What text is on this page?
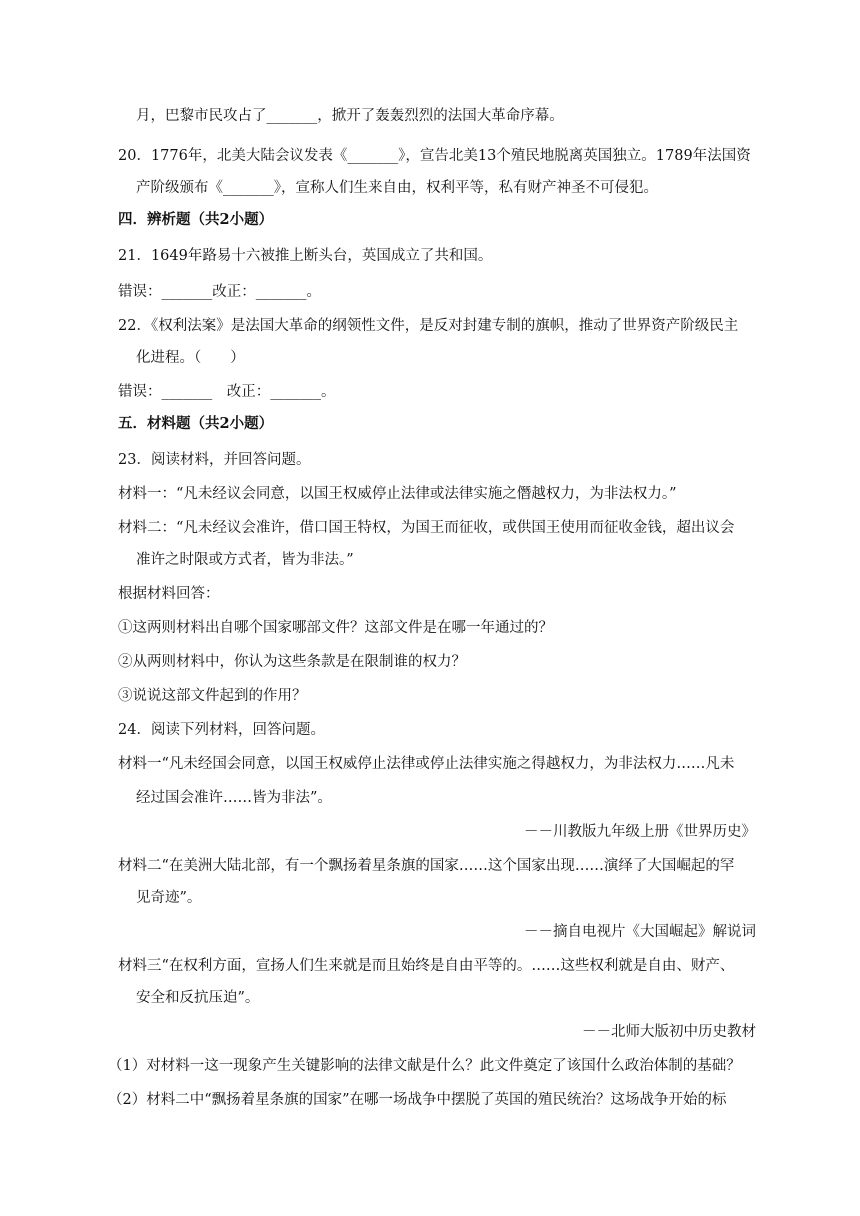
月，巴黎市民攻占了_______，掀开了轰轰烈烈的法国大革命序幕。
20．1776年，北美大陆会议发表《_______》，宣告北美13个殖民地脱离英国独立。1789年法国资
产阶级颁布《_______》，宣称人们生来自由，权利平等，私有财产神圣不可侵犯。
四．辨析题（共2小题）
21．1649年路易十六被推上断头台，英国成立了共和国。
错误：_______改正：_______。
22．《权利法案》是法国大革命的纲领性文件，是反对封建专制的旗帜，推动了世界资产阶级民主
化进程。（　　）
错误：_______　改正：_______。
五．材料题（共2小题）
23．阅读材料，并回答问题。
材料一：“凡未经议会同意，以国王权威停止法律或法律实施之僭越权力，为非法权力。”
材料二：“凡未经议会准许，借口国王特权，为国王而征收，或供国王使用而征收金钱，超出议会
准许之时限或方式者，皆为非法。”
根据材料回答：
①这两则材料出自哪个国家哪部文件？这部文件是在哪一年通过的？
②从两则材料中，你认为这些条款是在限制谁的权力？
③说说这部文件起到的作用？
24．阅读下列材料，回答问题。
材料一“凡未经国会同意，以国王权威停止法律或停止法律实施之得越权力，为非法权力……凡未
经过国会准许……皆为非法”。
－－川教版九年级上册《世界历史》
材料二“在美洲大陆北部，有一个飘扬着星条旗的国家……这个国家出现……演绎了大国崛起的罕
见奇迹”。
－－摘自电视片《大国崛起》解说词
材料三“在权利方面，宣扬人们生来就是而且始终是自由平等的。……这些权利就是自由、财产、
安全和反抗压迫”。
－－北师大版初中历史教材
（1）对材料一这一现象产生关键影响的法律文献是什么？此文件奠定了该国什么政治体制的基础？
（2）材料二中“飘扬着星条旗的国家”在哪一场战争中摆脱了英国的殖民统治？这场战争开始的标
